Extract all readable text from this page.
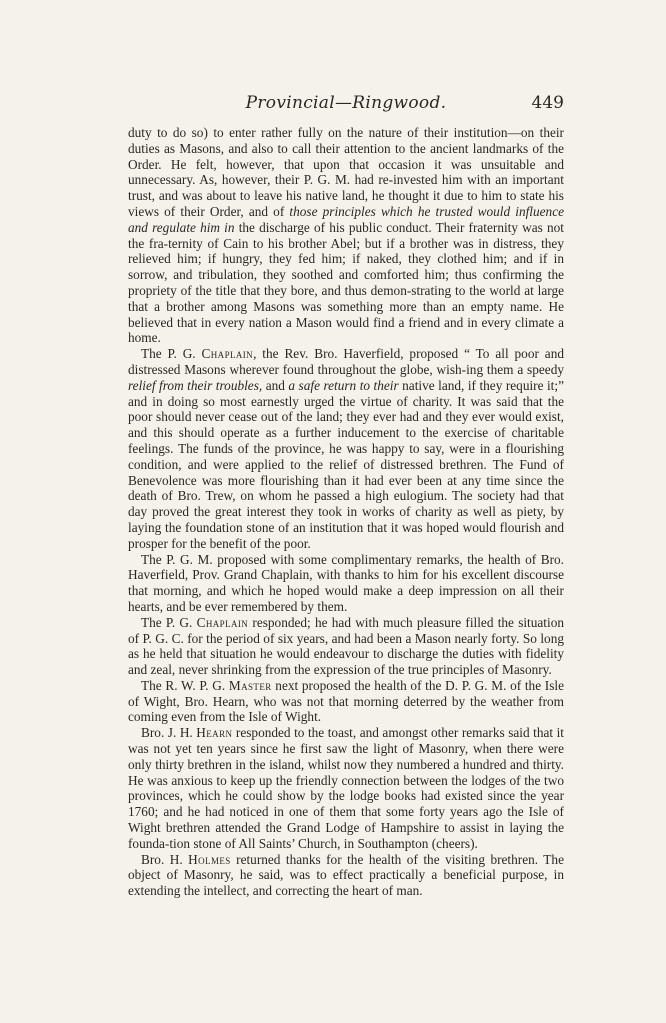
Provincial—Ringwood.	449

duty to do so) to enter rather fully on the nature of their institution—on their duties as Masons, and also to call their attention to the ancient landmarks of the Order. He felt, however, that upon that occasion it was unsuitable and unnecessary. As, however, their P. G. M. had re-invested him with an important trust, and was about to leave his native land, he thought it due to him to state his views of their Order, and of those principles which he trusted would influence and regulate him in the discharge of his public conduct. Their fraternity was not the fra-ternity of Cain to his brother Abel; but if a brother was in distress, they relieved him; if hungry, they fed him; if naked, they clothed him; and if in sorrow, and tribulation, they soothed and comforted him; thus confirming the propriety of the title that they bore, and thus demon-strating to the world at large that a brother among Masons was something more than an empty name. He believed that in every nation a Mason would find a friend and in every climate a home.

The P. G. Chaplain, the Rev. Bro. Haverfield, proposed “ To all poor and distressed Masons wherever found throughout the globe, wish-ing them a speedy relief from their troubles, and a safe return to their native land, if they require it;” and in doing so most earnestly urged the virtue of charity. It was said that the poor should never cease out of the land; they ever had and they ever would exist, and this should operate as a further inducement to the exercise of charitable feelings. The funds of the province, he was happy to say, were in a flourishing condition, and were applied to the relief of distressed brethren. The Fund of Benevolence was more flourishing than it had ever been at any time since the death of Bro. Trew, on whom he passed a high eulogium. The society had that day proved the great interest they took in works of charity as well as piety, by laying the foundation stone of an institution that it was hoped would flourish and prosper for the benefit of the poor.

The P. G. M. proposed with some complimentary remarks, the health of Bro. Haverfield, Prov. Grand Chaplain, with thanks to him for his excellent discourse that morning, and which he hoped would make a deep impression on all their hearts, and be ever remembered by them.

The P. G. Chaplain responded; he had with much pleasure filled the situation of P. G. C. for the period of six years, and had been a Mason nearly forty. So long as he held that situation he would endeavour to discharge the duties with fidelity and zeal, never shrinking from the expression of the true principles of Masonry.

The R. W. P. G. Master next proposed the health of the D. P. G. M. of the Isle of Wight, Bro. Hearn, who was not that morning deterred by the weather from coming even from the Isle of Wight.

Bro. J. H. Hearn responded to the toast, and amongst other remarks said that it was not yet ten years since he first saw the light of Masonry, when there were only thirty brethren in the island, whilst now they numbered a hundred and thirty. He was anxious to keep up the friendly connection between the lodges of the two provinces, which he could show by the lodge books had existed since the year 1760; and he had noticed in one of them that some forty years ago the Isle of Wight brethren attended the Grand Lodge of Hampshire to assist in laying the founda-tion stone of All Saints’ Church, in Southampton (cheers).

Bro. H. Holmes returned thanks for the health of the visiting brethren. The object of Masonry, he said, was to effect practically a beneficial purpose, in extending the intellect, and correcting the heart of man.
